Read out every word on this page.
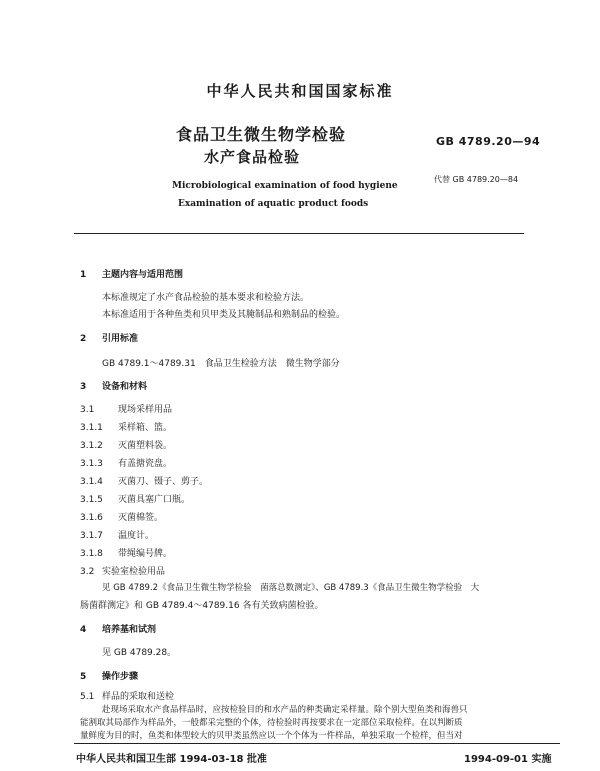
中华人民共和国国家标准
食品卫生微生物学检验
水产食品检验
GB 4789.20—94
代替 GB 4789.20—84
Microbiological examination of food hygiene
Examination of aquatic product foods
1 主题内容与适用范围
本标准规定了水产食品检验的基本要求和检验方法。
本标准适用于各种鱼类和贝甲类及其腌制品和熟制品的检验。
2 引用标准
GB 4789.1～4789.31　食品卫生检验方法　微生物学部分
3 设备和材料
3.1	现场采样用品
3.1.1 采样箱、篮。
3.1.2 灭菌塑料袋。
3.1.3 有盖搪瓷盘。
3.1.4 灭菌刀、镊子、剪子。
3.1.5 灭菌具塞广口瓶。
3.1.6 灭菌棉签。
3.1.7 温度计。
3.1.8 带绳编号牌。
3.2 实验室检验用品
见 GB 4789.2《食品卫生微生物学检验　菌落总数测定》、GB 4789.3《食品卫生微生物学检验　大
肠菌群测定》和 GB 4789.4～4789.16 各有关致病菌检验。
4 培养基和试剂
见 GB 4789.28。
5 操作步骤
5.1 样品的采取和送检
赴现场采取水产食品样品时，应按检验目的和水产品的种类确定采样量。除个别大型鱼类和海兽只
能割取其局部作为样品外，一般都采完整的个体，待检验时再按要求在一定部位采取检样。在以判断质
量鲜度为目的时，鱼类和体型较大的贝甲类虽然应以一个个体为一件样品，单独采取一个检样，但当对
中华人民共和国卫生部 1994-03-18 批准	1994-09-01 实施
